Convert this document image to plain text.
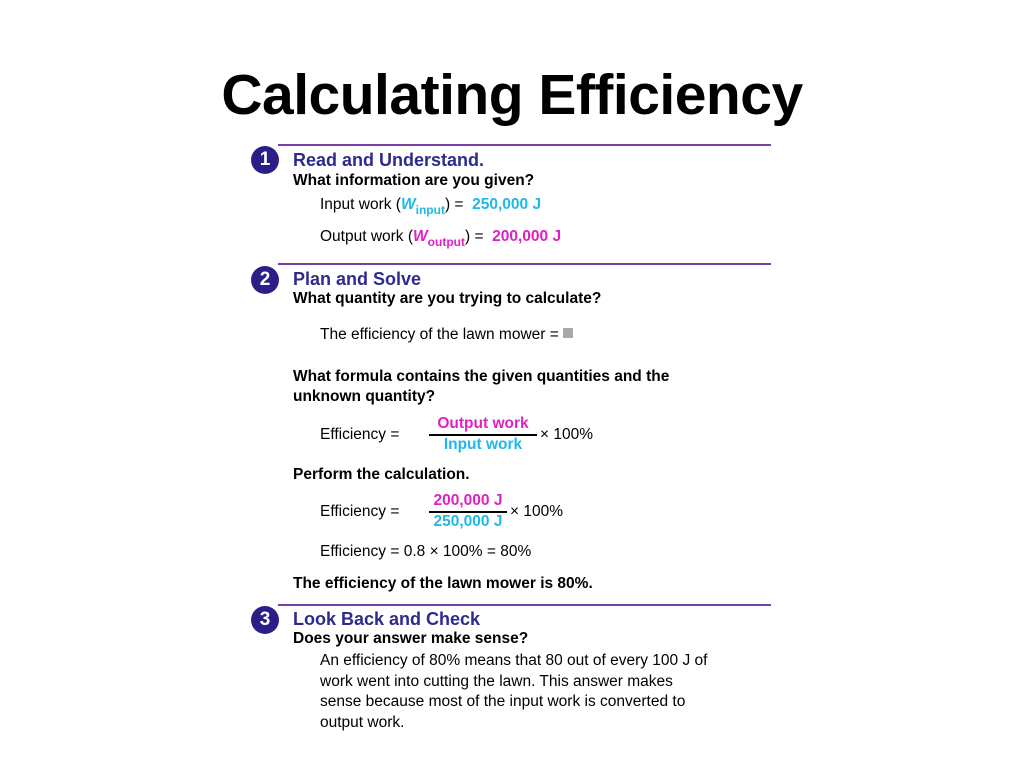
Calculating Efficiency
1	Read and Understand.
What information are you given?
Input work $(W_{input}) = 250,000$ J
Output work $(W_{output}) = 200,000$ J
2	Plan and Solve
What quantity are you trying to calculate?
The efficiency of the lawn mower =
What formula contains the given quantities and the
unknown quantity?
Efficiency =
Output work
Input work
× 100%
Perform the calculation.
Efficiency = $\frac{200,000 J}{250,000 J} \times 100\%$
Efficiency = 0.8 × 100% = 80%
The efficiency of the lawn mower is 80%.
3	Look Back and Check
Does your answer make sense?
An efficiency of 80% means that 80 out of every 100 J of
work went into cutting the lawn. This answer makes
sense because most of the input work is converted to
output work.
